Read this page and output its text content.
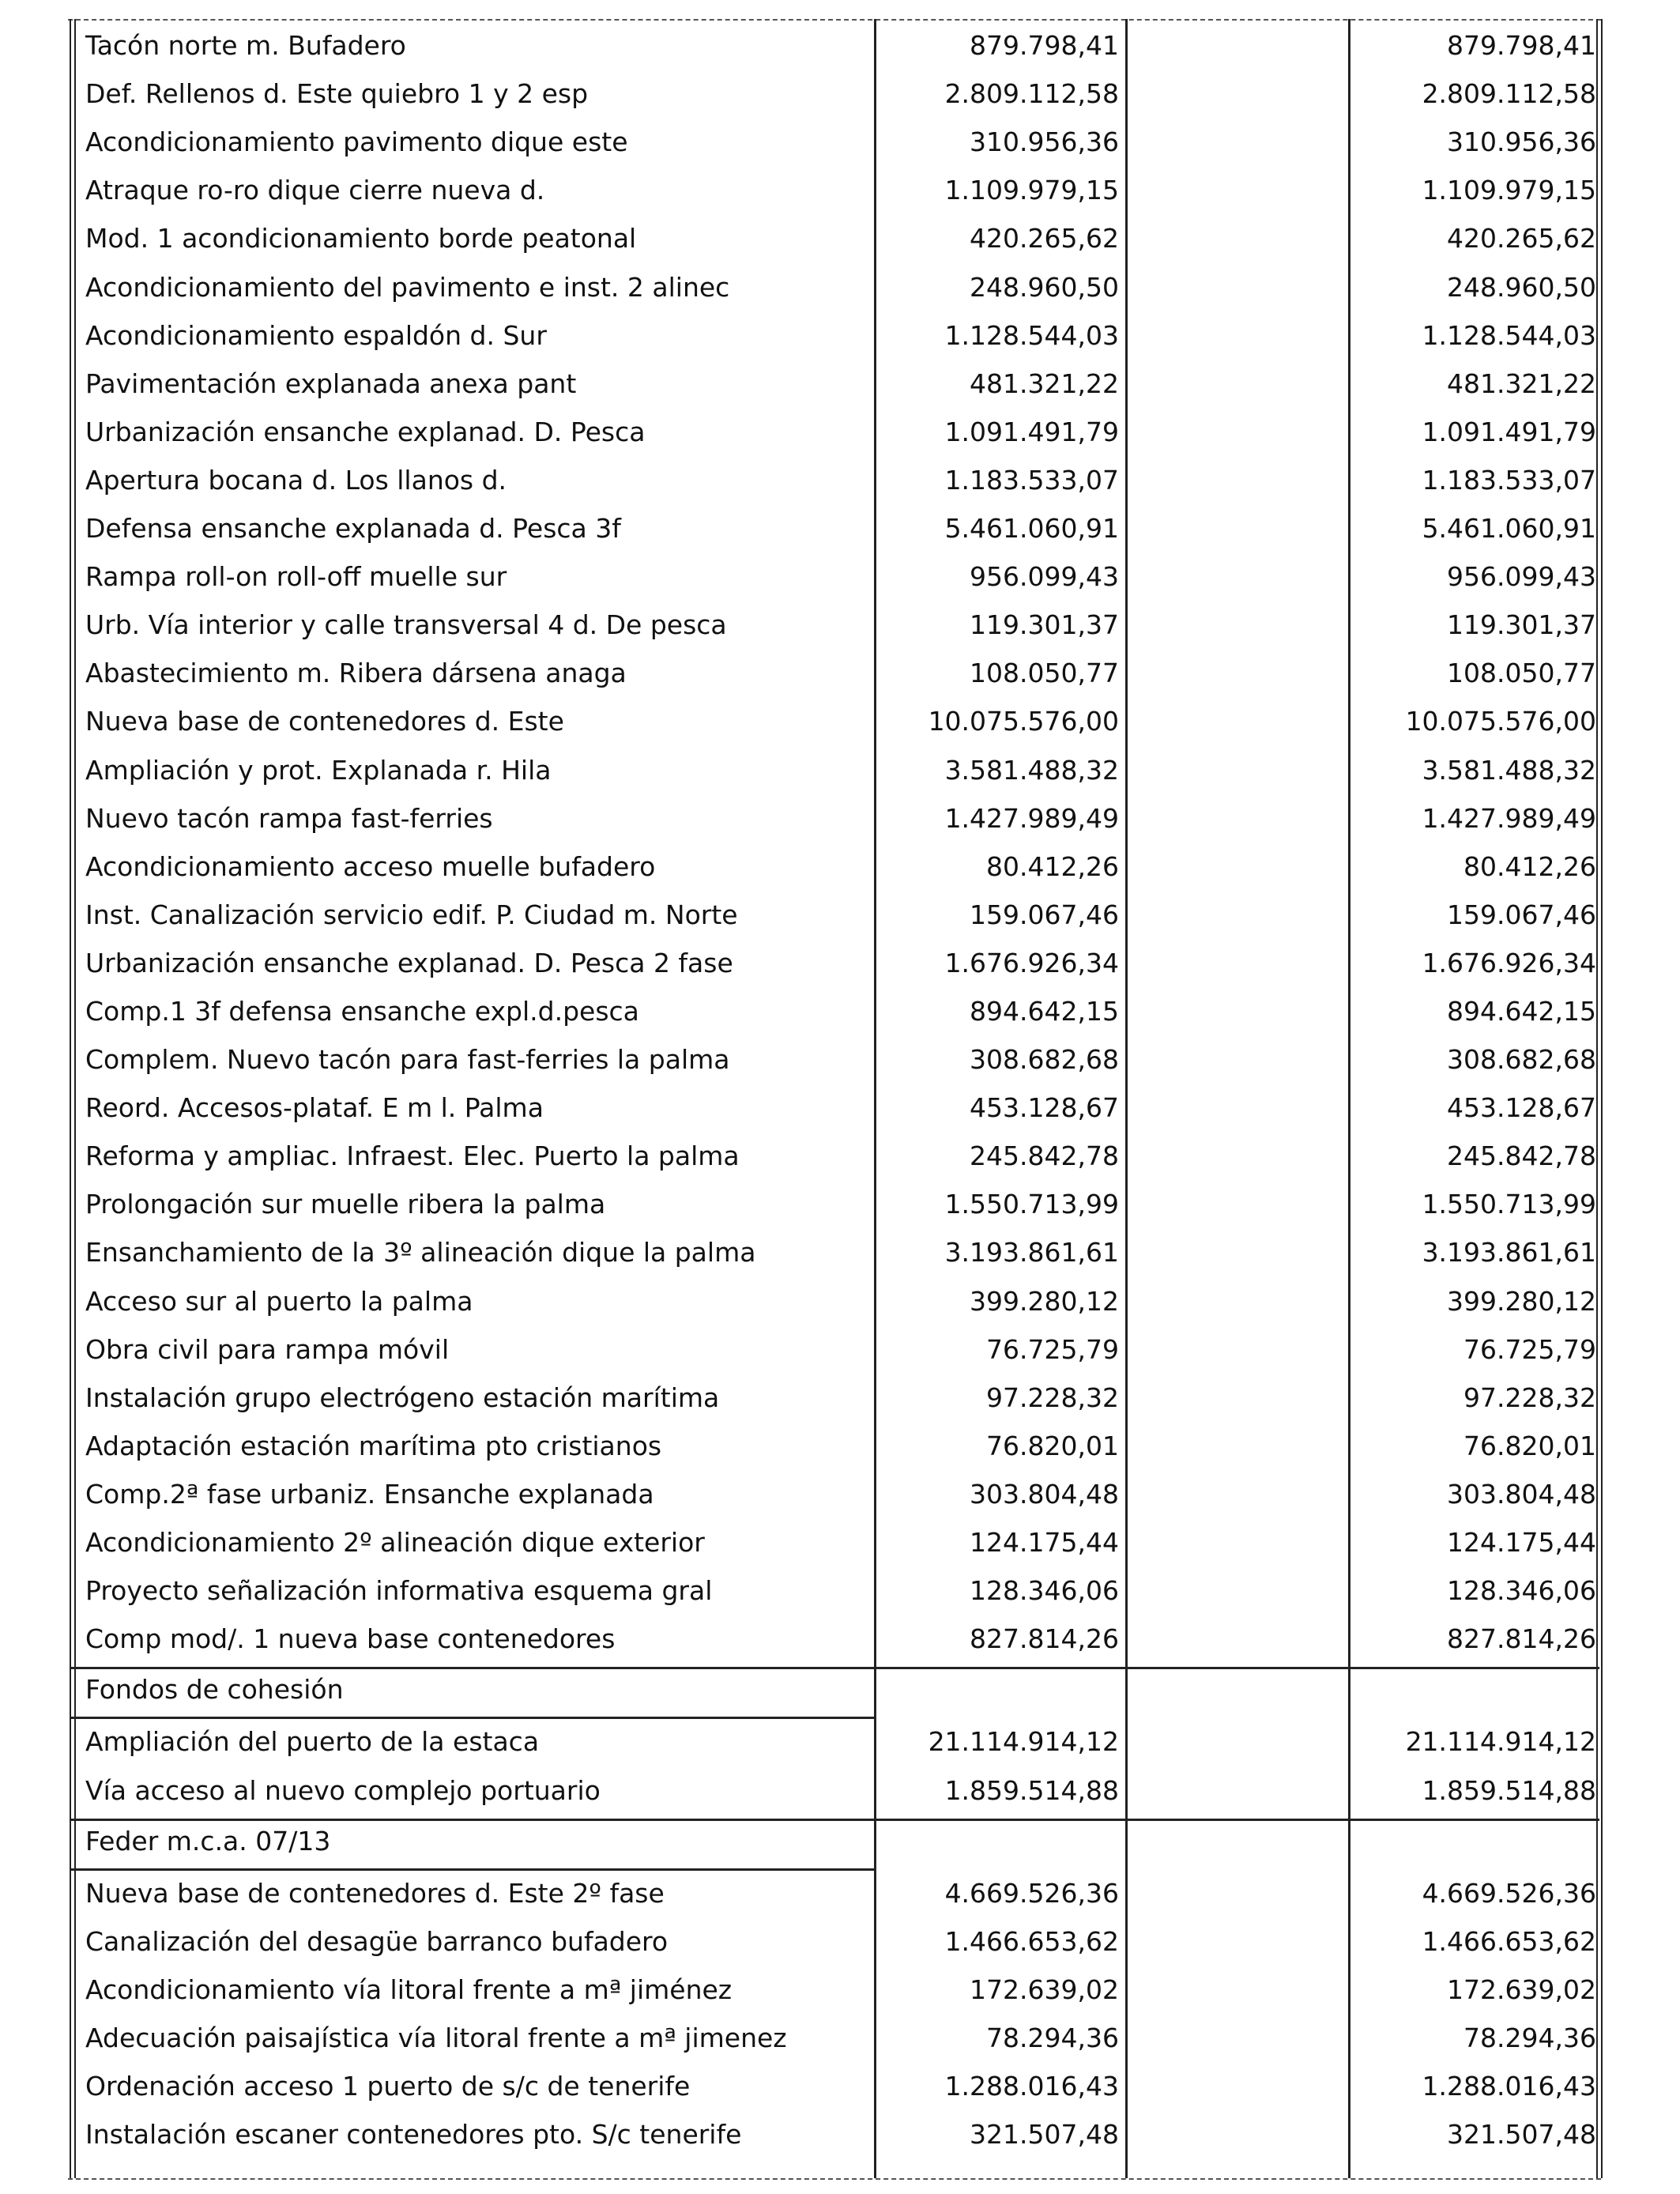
Tacón norte m. Bufadero	879.798,41	879.798,41
Def. Rellenos d. Este quiebro 1 y 2 esp	2.809.112,58	2.809.112,58
Acondicionamiento pavimento dique este	310.956,36	310.956,36
Atraque ro-ro dique cierre nueva d.	1.109.979,15	1.109.979,15
Mod. 1 acondicionamiento borde peatonal	420.265,62	420.265,62
Acondicionamiento del pavimento e inst. 2 alinec	248.960,50	248.960,50
Acondicionamiento espaldón d. Sur	1.128.544,03	1.128.544,03
Pavimentación explanada anexa pant	481.321,22	481.321,22
Urbanización ensanche explanad. D. Pesca	1.091.491,79	1.091.491,79
Apertura bocana d. Los llanos d.	1.183.533,07	1.183.533,07
Defensa ensanche explanada d. Pesca 3f	5.461.060,91	5.461.060,91
Rampa roll-on roll-off muelle sur	956.099,43	956.099,43
Urb. Vía interior y calle transversal 4 d. De pesca	119.301,37	119.301,37
Abastecimiento m. Ribera dársena anaga	108.050,77	108.050,77
Nueva base de contenedores d. Este	10.075.576,00	10.075.576,00
Ampliación y prot. Explanada r. Hila	3.581.488,32	3.581.488,32
Nuevo tacón rampa fast-ferries	1.427.989,49	1.427.989,49
Acondicionamiento acceso muelle bufadero	80.412,26	80.412,26
Inst. Canalización servicio edif. P. Ciudad m. Norte	159.067,46	159.067,46
Urbanización ensanche explanad. D. Pesca 2 fase	1.676.926,34	1.676.926,34
Comp.1 3f defensa ensanche expl.d.pesca	894.642,15	894.642,15
Complem. Nuevo tacón para fast-ferries la palma	308.682,68	308.682,68
Reord. Accesos-plataf. E m l. Palma	453.128,67	453.128,67
Reforma y ampliac. Infraest. Elec. Puerto la palma	245.842,78	245.842,78
Prolongación sur muelle ribera la palma	1.550.713,99	1.550.713,99
Ensanchamiento de la 3º alineación dique la palma	3.193.861,61	3.193.861,61
Acceso sur al puerto la palma	399.280,12	399.280,12
Obra civil para rampa móvil	76.725,79	76.725,79
Instalación grupo electrógeno estación marítima	97.228,32	97.228,32
Adaptación estación marítima pto cristianos	76.820,01	76.820,01
Comp.2ª fase urbaniz. Ensanche explanada	303.804,48	303.804,48
Acondicionamiento 2º alineación dique exterior	124.175,44	124.175,44
Proyecto señalización informativa esquema gral	128.346,06	128.346,06
Comp mod/. 1 nueva base contenedores	827.814,26	827.814,26
Fondos de cohesión
Ampliación del puerto de la estaca	21.114.914,12	21.114.914,12
Vía acceso al nuevo complejo portuario	1.859.514,88	1.859.514,88
Feder m.c.a. 07/13
Nueva base de contenedores d. Este 2º fase	4.669.526,36	4.669.526,36
Canalización del desagüe barranco bufadero	1.466.653,62	1.466.653,62
Acondicionamiento vía litoral frente a mª jiménez	172.639,02	172.639,02
Adecuación paisajística vía litoral frente a mª jimenez	78.294,36	78.294,36
Ordenación acceso 1 puerto de s/c de tenerife	1.288.016,43	1.288.016,43
Instalación escaner contenedores pto. S/c tenerife	321.507,48	321.507,48
